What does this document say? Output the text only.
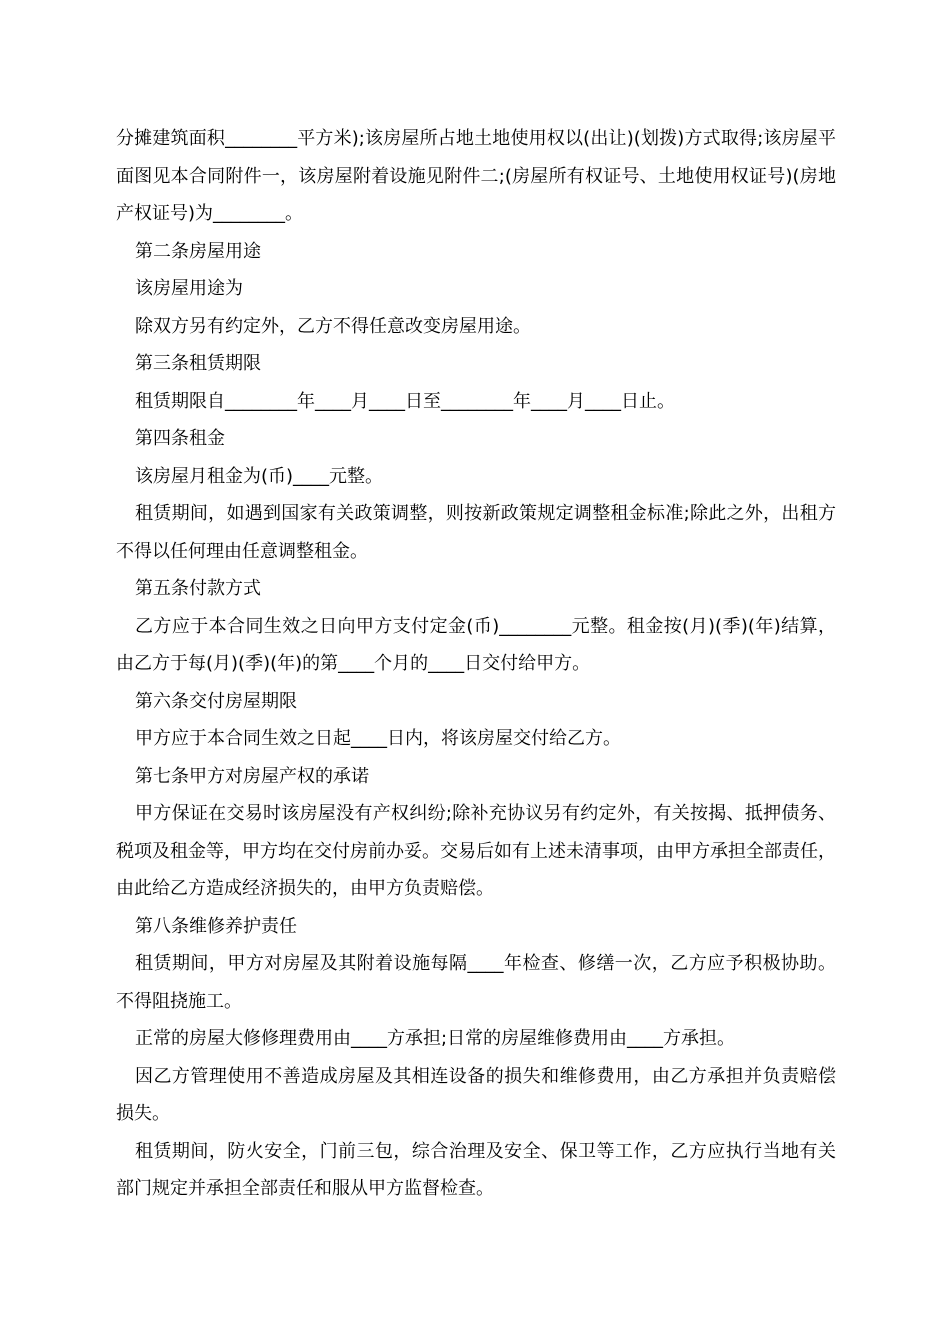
分摊建筑面积________平方米);该房屋所占地土地使用权以(出让)(划拨)方式取得;该房屋平面图见本合同附件一，该房屋附着设施见附件二;(房屋所有权证号、土地使用权证号)(房地产权证号)为________。

第二条房屋用途

该房屋用途为

除双方另有约定外，乙方不得任意改变房屋用途。

第三条租赁期限

租赁期限自________年____月____日至________年____月____日止。

第四条租金

该房屋月租金为(币)____元整。

租赁期间，如遇到国家有关政策调整，则按新政策规定调整租金标准;除此之外，出租方不得以任何理由任意调整租金。

第五条付款方式

乙方应于本合同生效之日向甲方支付定金(币)________元整。租金按(月)(季)(年)结算，由乙方于每(月)(季)(年)的第____个月的____日交付给甲方。

第六条交付房屋期限

甲方应于本合同生效之日起____日内，将该房屋交付给乙方。

第七条甲方对房屋产权的承诺

甲方保证在交易时该房屋没有产权纠纷;除补充协议另有约定外，有关按揭、抵押债务、税项及租金等，甲方均在交付房前办妥。交易后如有上述未清事项，由甲方承担全部责任，由此给乙方造成经济损失的，由甲方负责赔偿。

第八条维修养护责任

租赁期间，甲方对房屋及其附着设施每隔____年检查、修缮一次，乙方应予积极协助。不得阻挠施工。

正常的房屋大修修理费用由____方承担;日常的房屋维修费用由____方承担。

因乙方管理使用不善造成房屋及其相连设备的损失和维修费用，由乙方承担并负责赔偿损失。

租赁期间，防火安全，门前三包，综合治理及安全、保卫等工作，乙方应执行当地有关部门规定并承担全部责任和服从甲方监督检查。
